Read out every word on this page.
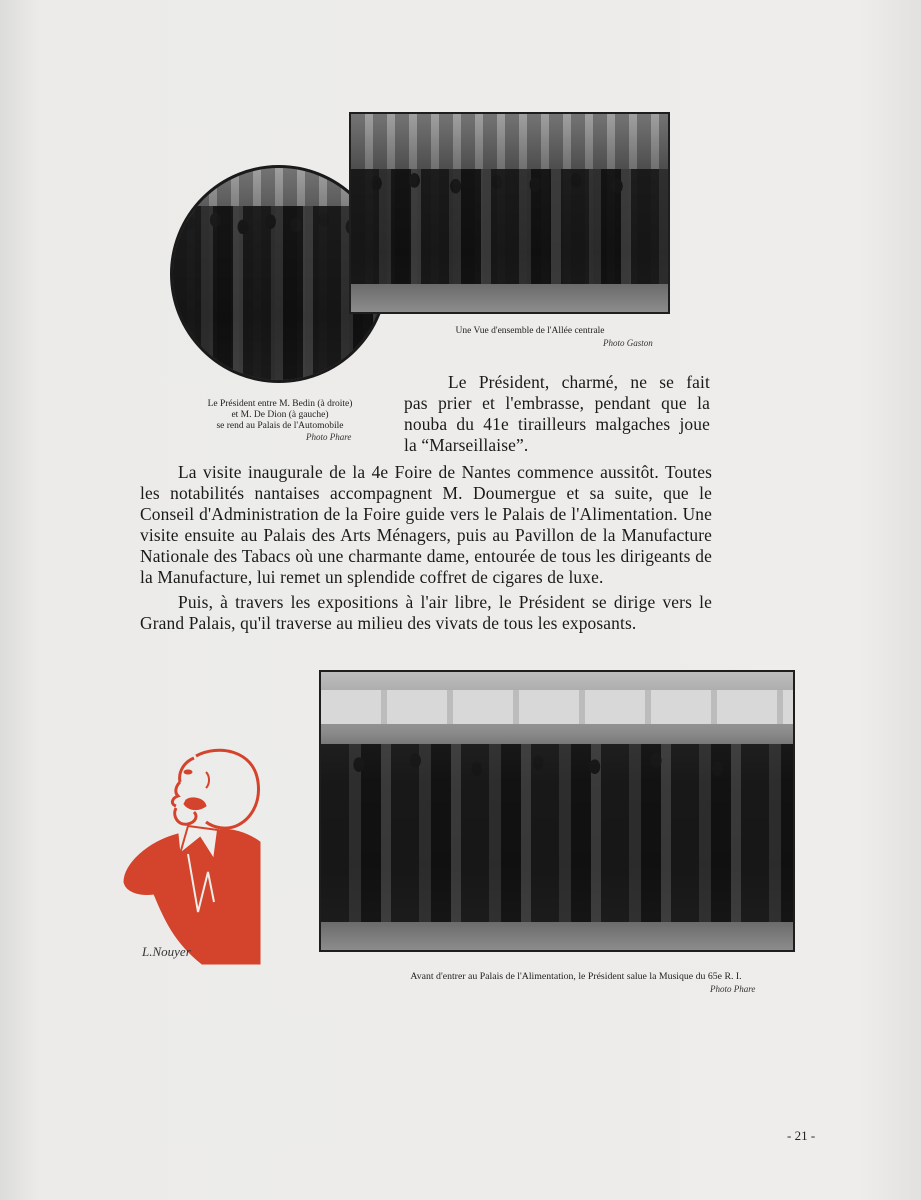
Le Président entre M. Bedin (à droite)
et M. De Dion (à gauche)
se rend au Palais de l'Automobile
Photo Phare
Une Vue d'ensemble de l'Allée centrale
Photo Gaston
Le Président, charmé, ne se fait
pas prier et l'embrasse, pendant que la
nouba du 41e tirailleurs malgaches joue
la “Marseillaise”.

La visite inaugurale de la 4e Foire de Nantes commence aussitôt. Toutes les notabilités nantaises accompagnent M. Doumergue et sa suite, que le Conseil d'Administration de la Foire guide vers le Palais de l'Alimentation. Une visite ensuite au Palais des Arts Ménagers, puis au Pavillon de la Manufacture Nationale des Tabacs où une charmante dame, entourée de tous les dirigeants de la Manufacture, lui remet un splendide coffret de cigares de luxe.

Puis, à travers les expositions à l'air libre, le Président se dirige vers le Grand Palais, qu'il traverse au milieu des vivats de tous les exposants.

L.Nouyer
Avant d'entrer au Palais de l'Alimentation, le Président salue la Musique du 65e R. I.
Photo Phare
- 21 -
